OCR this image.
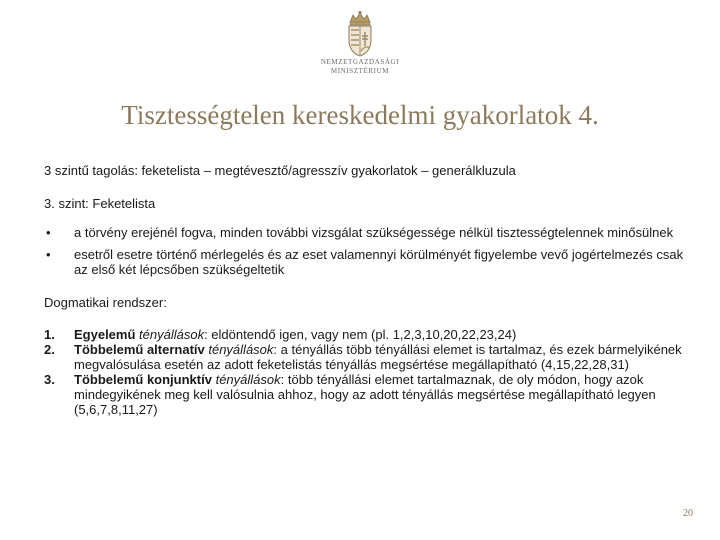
NEMZETGAZDASÁGI
MINISZTÉRIUM
Tisztességtelen kereskedelmi gyakorlatok 4.

3 szintű tagolás: feketelista – megtévesztő/agresszív gyakorlatok – generálkluzula

3. szint: Feketelista

•	a törvény erejénél fogva, minden további vizsgálat szükségessége nélkül tisztességtelennek minősülnek
•	esetről esetre történő mérlegelés és az eset valamennyi körülményét figyelembe vevő jogértelmezés csak az első két lépcsőben szükségeltetik

Dogmatikai rendszer:

1.	Egyelemű tényállások: eldöntendő igen, vagy nem (pl. 1,2,3,10,20,22,23,24)
2.	Többelemű alternatív tényállások: a tényállás több tényállási elemet is tartalmaz, és ezek bármelyikének megvalósulása esetén az adott feketelistás tényállás megsértése megállapítható (4,15,22,28,31)
3.	Többelemű konjunktív tényállások: több tényállási elemet tartalmaznak, de oly módon, hogy azok mindegyikének meg kell valósulnia ahhoz, hogy az adott tényállás megsértése megállapítható legyen (5,6,7,8,11,27)
20
